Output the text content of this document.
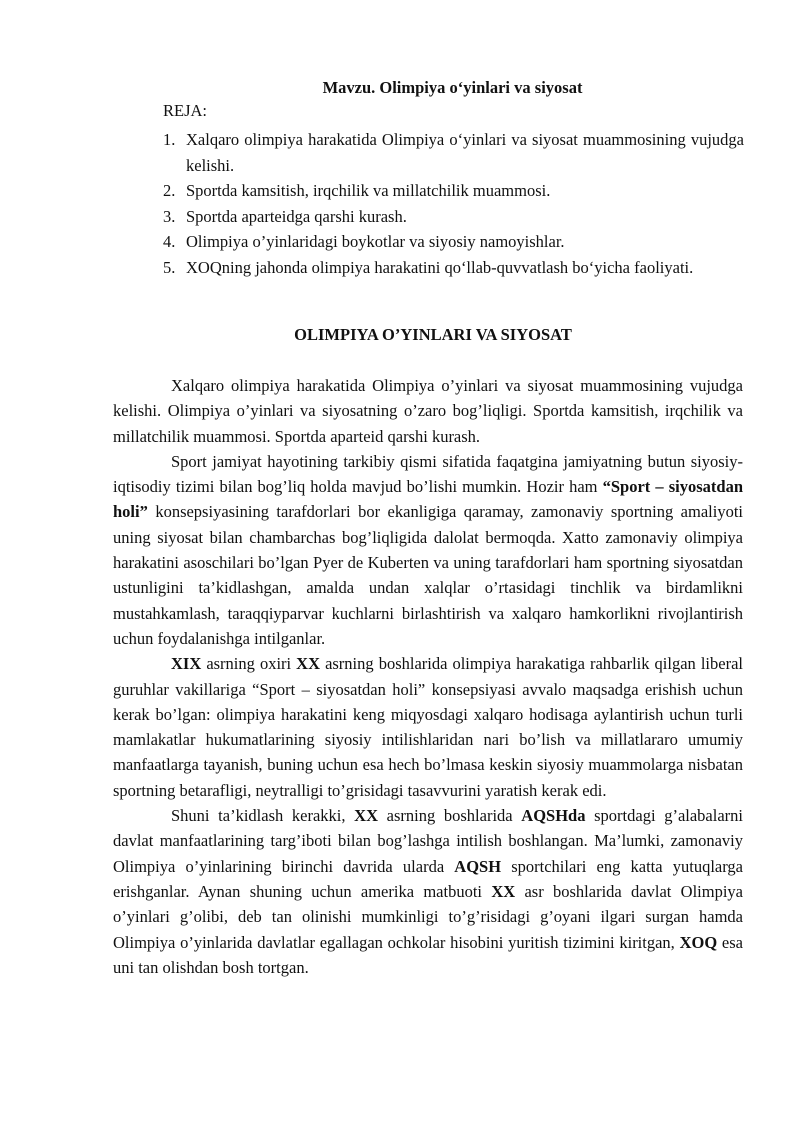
Mavzu. Olimpiya o‘yinlari va siyosat
REJA:
1. Xalqaro olimpiya harakatida Olimpiya o‘yinlari va siyosat muammosining vujudga kelishi.
2. Sportda kamsitish, irqchilik va millatchilik muammosi.
3. Sportda aparteidga qarshi kurash.
4. Olimpiya o’yinlaridagi boykotlar va siyosiy namoyishlar.
5. XOQning jahonda olimpiya harakatini qo‘llab-quvvatlash bo‘yicha faoliyati.
OLIMPIYA O’YINLARI VA SIYOSAT

Xalqaro olimpiya harakatida Olimpiya o’yinlari va siyosat muammosining vujudga kelishi. Olimpiya o’yinlari va siyosatning o’zaro bog’liqligi. Sportda kamsitish, irqchilik va millatchilik muammosi. Sportda aparteid qarshi kurash.

Sport jamiyat hayotining tarkibiy qismi sifatida faqatgina jamiyatning butun siyosiy-iqtisodiy tizimi bilan bog’liq holda mavjud bo’lishi mumkin. Hozir ham “Sport – siyosatdan holi” konsepsiyasining tarafdorlari bor ekanligiga qaramay, zamonaviy sportning amaliyoti uning siyosat bilan chambarchas bog’liqligida dalolat bermoqda. Xatto zamonaviy olimpiya harakatini asoschilari bo’lgan Pyer de Kuberten va uning tarafdorlari ham sportning siyosatdan ustunligini ta’kidlashgan, amalda undan xalqlar o’rtasidagi tinchlik va birdamlikni mustahkamlash, taraqqiyparvar kuchlarni birlashtirish va xalqaro hamkorlikni rivojlantirish uchun foydalanishga intilganlar.

XIX asrning oxiri XX asrning boshlarida olimpiya harakatiga rahbarlik qilgan liberal guruhlar vakillariga “Sport – siyosatdan holi” konsepsiyasi avvalo maqsadga erishish uchun kerak bo’lgan: olimpiya harakatini keng miqyosdagi xalqaro hodisaga aylantirish uchun turli mamlakatlar hukumatlarining siyosiy intilishlaridan nari bo’lish va millatlararo umumiy manfaatlarga tayanish, buning uchun esa hech bo’lmasa keskin siyosiy muammolarga nisbatan sportning betarafligi, neytralligi to’grisidagi tasavvurini yaratish kerak edi.

Shuni ta’kidlash kerakki, XX asrning boshlarida AQSHda sportdagi g’alabalarni davlat manfaatlarining targ’iboti bilan bog’lashga intilish boshlangan. Ma’lumki, zamonaviy Olimpiya o’yinlarining birinchi davrida ularda AQSH sportchilari eng katta yutuqlarga erishganlar. Aynan shuning uchun amerika matbuoti XX asr boshlarida davlat Olimpiya o’yinlari g’olibi, deb tan olinishi mumkinligi to’g’risidagi g’oyani ilgari surgan hamda Olimpiya o’yinlarida davlatlar egallagan ochkolar hisobini yuritish tizimini kiritgan, XOQ esa uni tan olishdan bosh tortgan.
